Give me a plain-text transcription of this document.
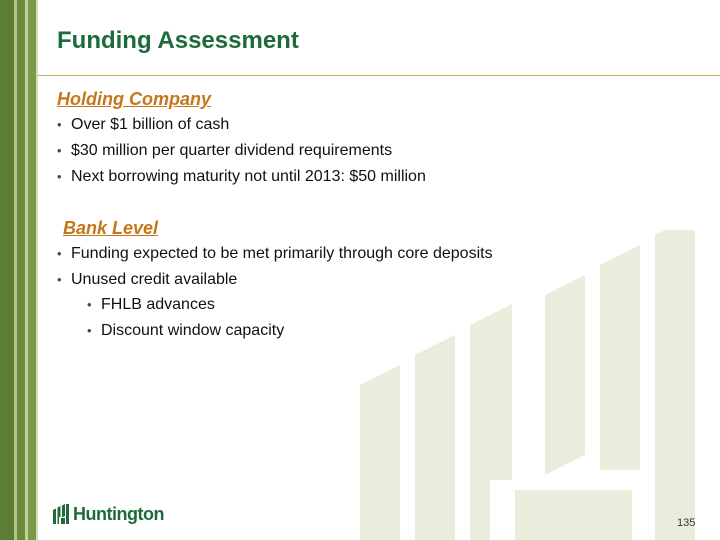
Funding Assessment
Holding Company
• Over $1 billion of cash
• $30 million per quarter dividend requirements
• Next borrowing maturity not until 2013: $50 million
Bank Level
• Funding expected to be met primarily through core deposits
• Unused credit available
• FHLB advances
• Discount window capacity
Huntington	135
